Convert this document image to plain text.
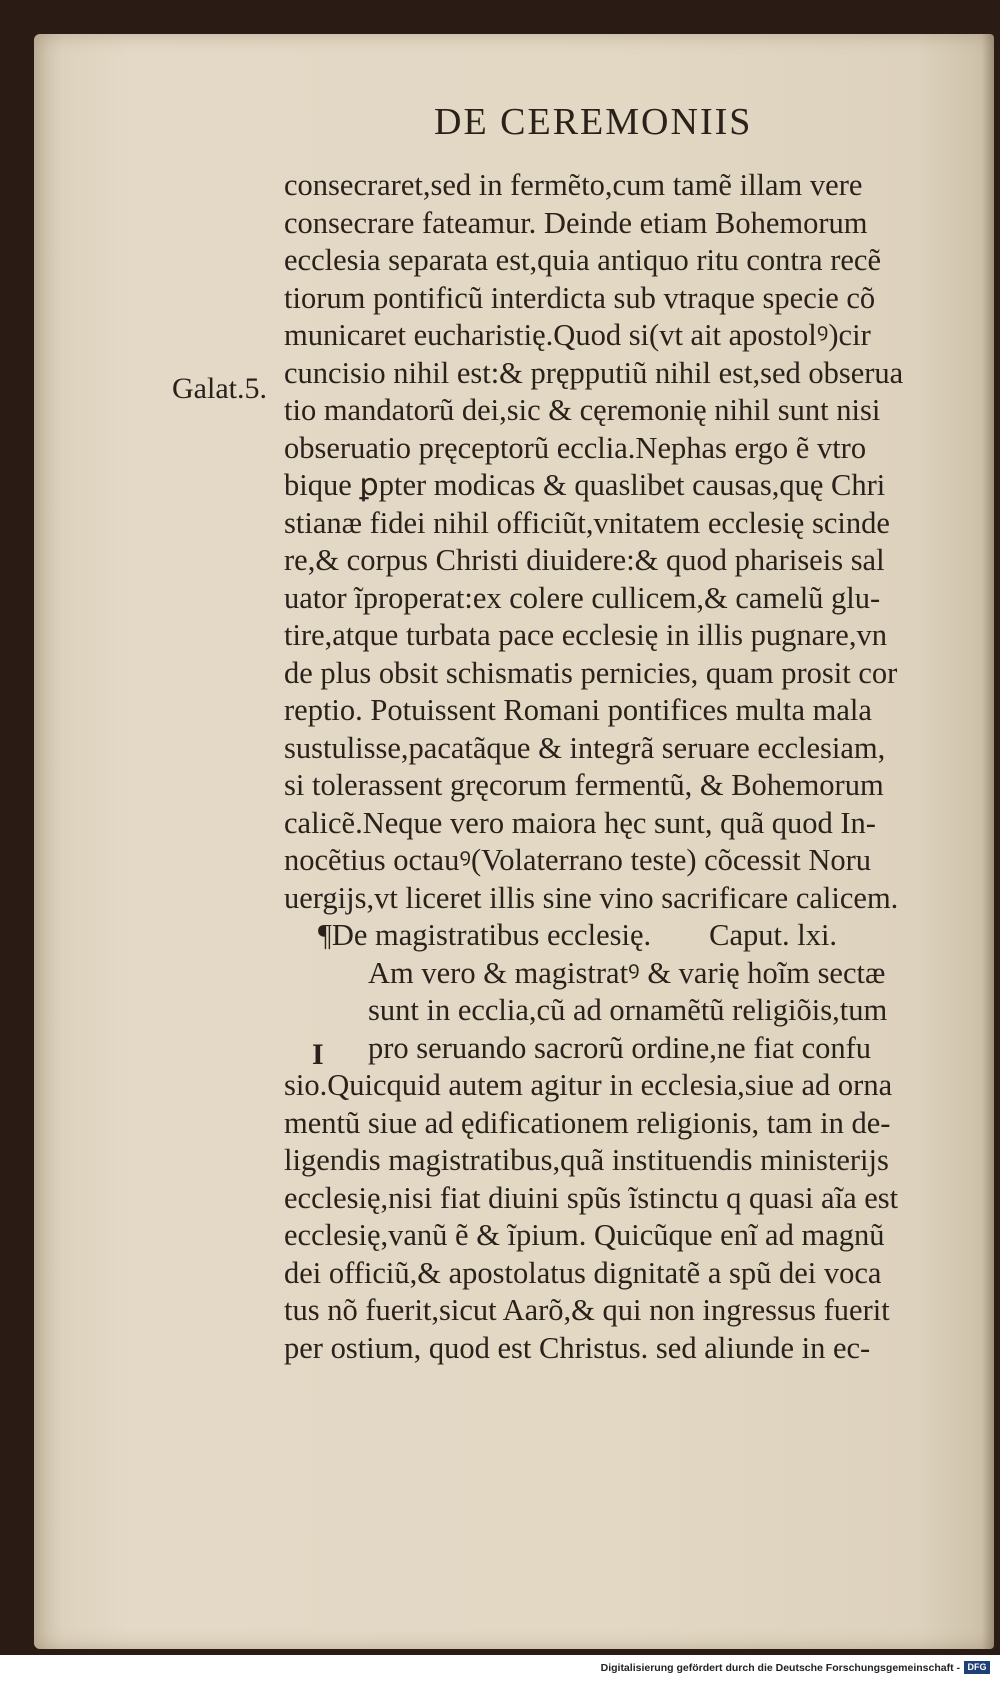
DE CEREMONIIS
Galat.5.
consecraret,sed in fermẽto,cum tamẽ illam vere
consecrare fateamur. Deinde etiam Bohemorum
ecclesia separata est,quia antiquo ritu contra recẽ
tiorum pontificũ interdicta sub vtraque specie cõ
municaret eucharistię.Quod si(vt ait apostolꝰ)cir
cuncisio nihil est:& prępputiũ nihil est,sed obserua
tio mandatorũ dei,sic & cęremonię nihil sunt nisi
obseruatio pręceptorũ ecclia.Nephas ergo ẽ vtro
bique ꝑpter modicas & quaslibet causas,quę Chri
stianæ fidei nihil officiũt,vnitatem ecclesię scinde
re,& corpus Christi diuidere:& quod phariseis sal
uator ĩproperat:ex colere cullicem,& camelũ glu-
tire,atque turbata pace ecclesię in illis pugnare,vn
de plus obsit schismatis pernicies, quam prosit cor
reptio. Potuissent Romani pontifices multa mala
sustulisse,pacatãque & integrã seruare ecclesiam,
si tolerassent gręcorum fermentũ, & Bohemorum
calicẽ.Neque vero maiora hęc sunt, quã quod In-
nocẽtius octauꝰ(Volaterrano teste) cõcessit Noru
uergijs,vt liceret illis sine vino sacrificare calicem.
¶ De magistratibus ecclesię. Caput. lxi.
Am vero & magistratꝰ & varię hoĩm sectæ
sunt in ecclia,cũ ad ornamẽtũ religiõis,tum
pro seruando sacrorũ ordine,ne fiat confu
sio.Quicquid autem agitur in ecclesia,siue ad orna
mentũ siue ad ędificationem religionis, tam in de-
ligendis magistratibus,quã instituendis ministerijs
ecclesię,nisi fiat diuini spũs ĩstinctu q quasi aĩa est
ecclesię,vanũ ẽ & ĩpium. Quicũque enĩ ad magnũ
dei officiũ,& apostolatus dignitatẽ a spũ dei voca
tus nõ fuerit,sicut Aarõ,& qui non ingressus fuerit
per ostium, quod est Christus. sed aliunde in ec-
I
Digitalisierung gefördert durch die Deutsche Forschungsgemeinschaft - DFG
